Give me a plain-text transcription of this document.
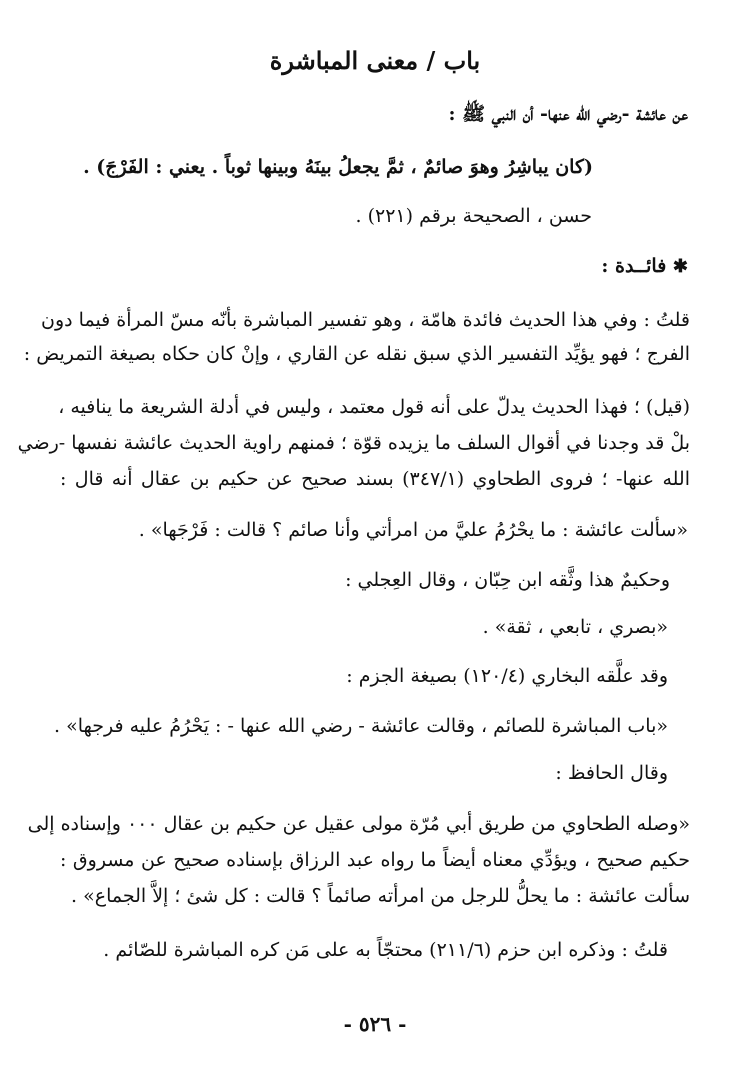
باب / معنى المباشرة
عن عائشة -رضي الله عنها- أن النبي ﷺ :
(كان يباشِرُ وهوَ صائمٌ ، ثمَّ يجعلُ بينَهُ وبينها ثوباً . يعني : الفَرْجَ) .
حسن ، الصحيحة برقم (٢٢١) .
✱ فائــدة :
قلتُ : وفي هذا الحديث فائدة هامّة ، وهو تفسير المباشرة بأنّه مسّ المرأة فيما دون
الفرج ؛ فهو يؤيِّد التفسير الذي سبق نقله عن القاري ، وإنْ كان حكاه بصيغة التمريض :
(قيل) ؛ فهذا الحديث يدلّ على أنه قول معتمد ، وليس في أدلة الشريعة ما ينافيه ،
بلْ قد وجدنا في أقوال السلف ما يزيده قوّة ؛ فمنهم راوية الحديث عائشة نفسها -رضي
الله عنها- ؛ فروى الطحاوي (٣٤٧/١) بسند صحيح عن حكيم بن عقال أنه قال :
«سألت عائشة : ما يحْرُمُ عليَّ من امرأتي وأنا صائم ؟ قالت : فَرْجَها» .
وحكيمٌ هذا وثَّقه ابن حِبّان ، وقال العِجلي :
«بصري ، تابعي ، ثقة» .
وقد علَّقه البخاري (١٢٠/٤) بصيغة الجزم :
«باب المباشرة للصائم ، وقالت عائشة - رضي الله عنها - : يَحْرُمُ عليه فرجها» .
وقال الحافظ :
«وصله الطحاوي من طريق أبي مُرّة مولى عقيل عن حكيم بن عقال ٠٠٠ وإسناده إلى
حكيم صحيح ، ويؤدِّي معناه أيضاً ما رواه عبد الرزاق بإسناده صحيح عن مسروق :
سألت عائشة : ما يحلُّ للرجل من امرأته صائماً ؟ قالت : كل شئ ؛ إلاَّ الجماع» .
قلتُ : وذكره ابن حزم (٢١١/٦) محتجّاً به على مَن كره المباشرة للصّائم .
- ٥٢٦ -
